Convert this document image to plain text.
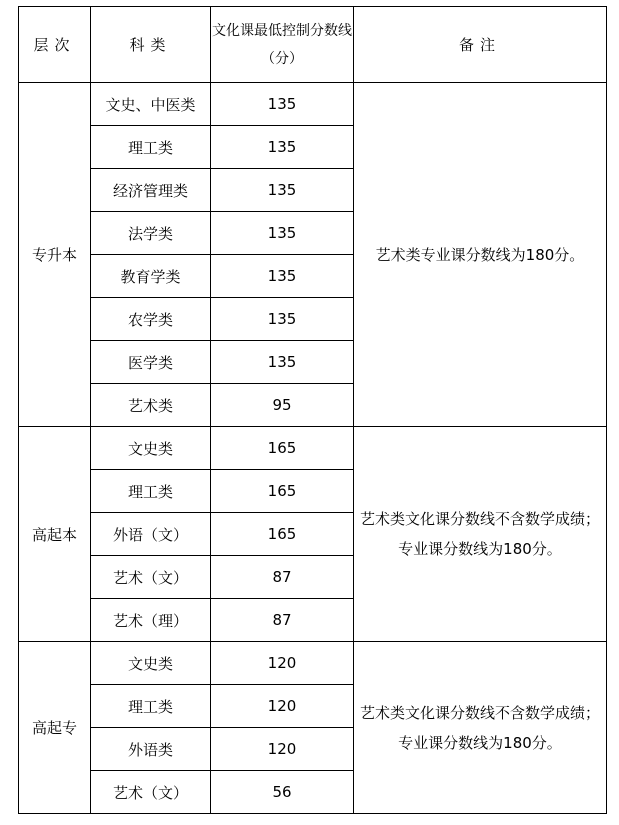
层次	科类	文化课最低控制分数线（分）	备注
专升本	文史、中医类	135	艺术类专业课分数线为180分。
	理工类	135	
	经济管理类	135	
	法学类	135	
	教育学类	135	
	农学类	135	
	医学类	135	
	艺术类	95	
高起本	文史类	165	艺术类文化课分数线不含数学成绩；专业课分数线为180分。
	理工类	165	
	外语（文）	165	
	艺术（文）	87	
	艺术（理）	87	
高起专	文史类	120	艺术类文化课分数线不含数学成绩；专业课分数线为180分。
	理工类	120	
	外语类	120	
	艺术（文）	56	
